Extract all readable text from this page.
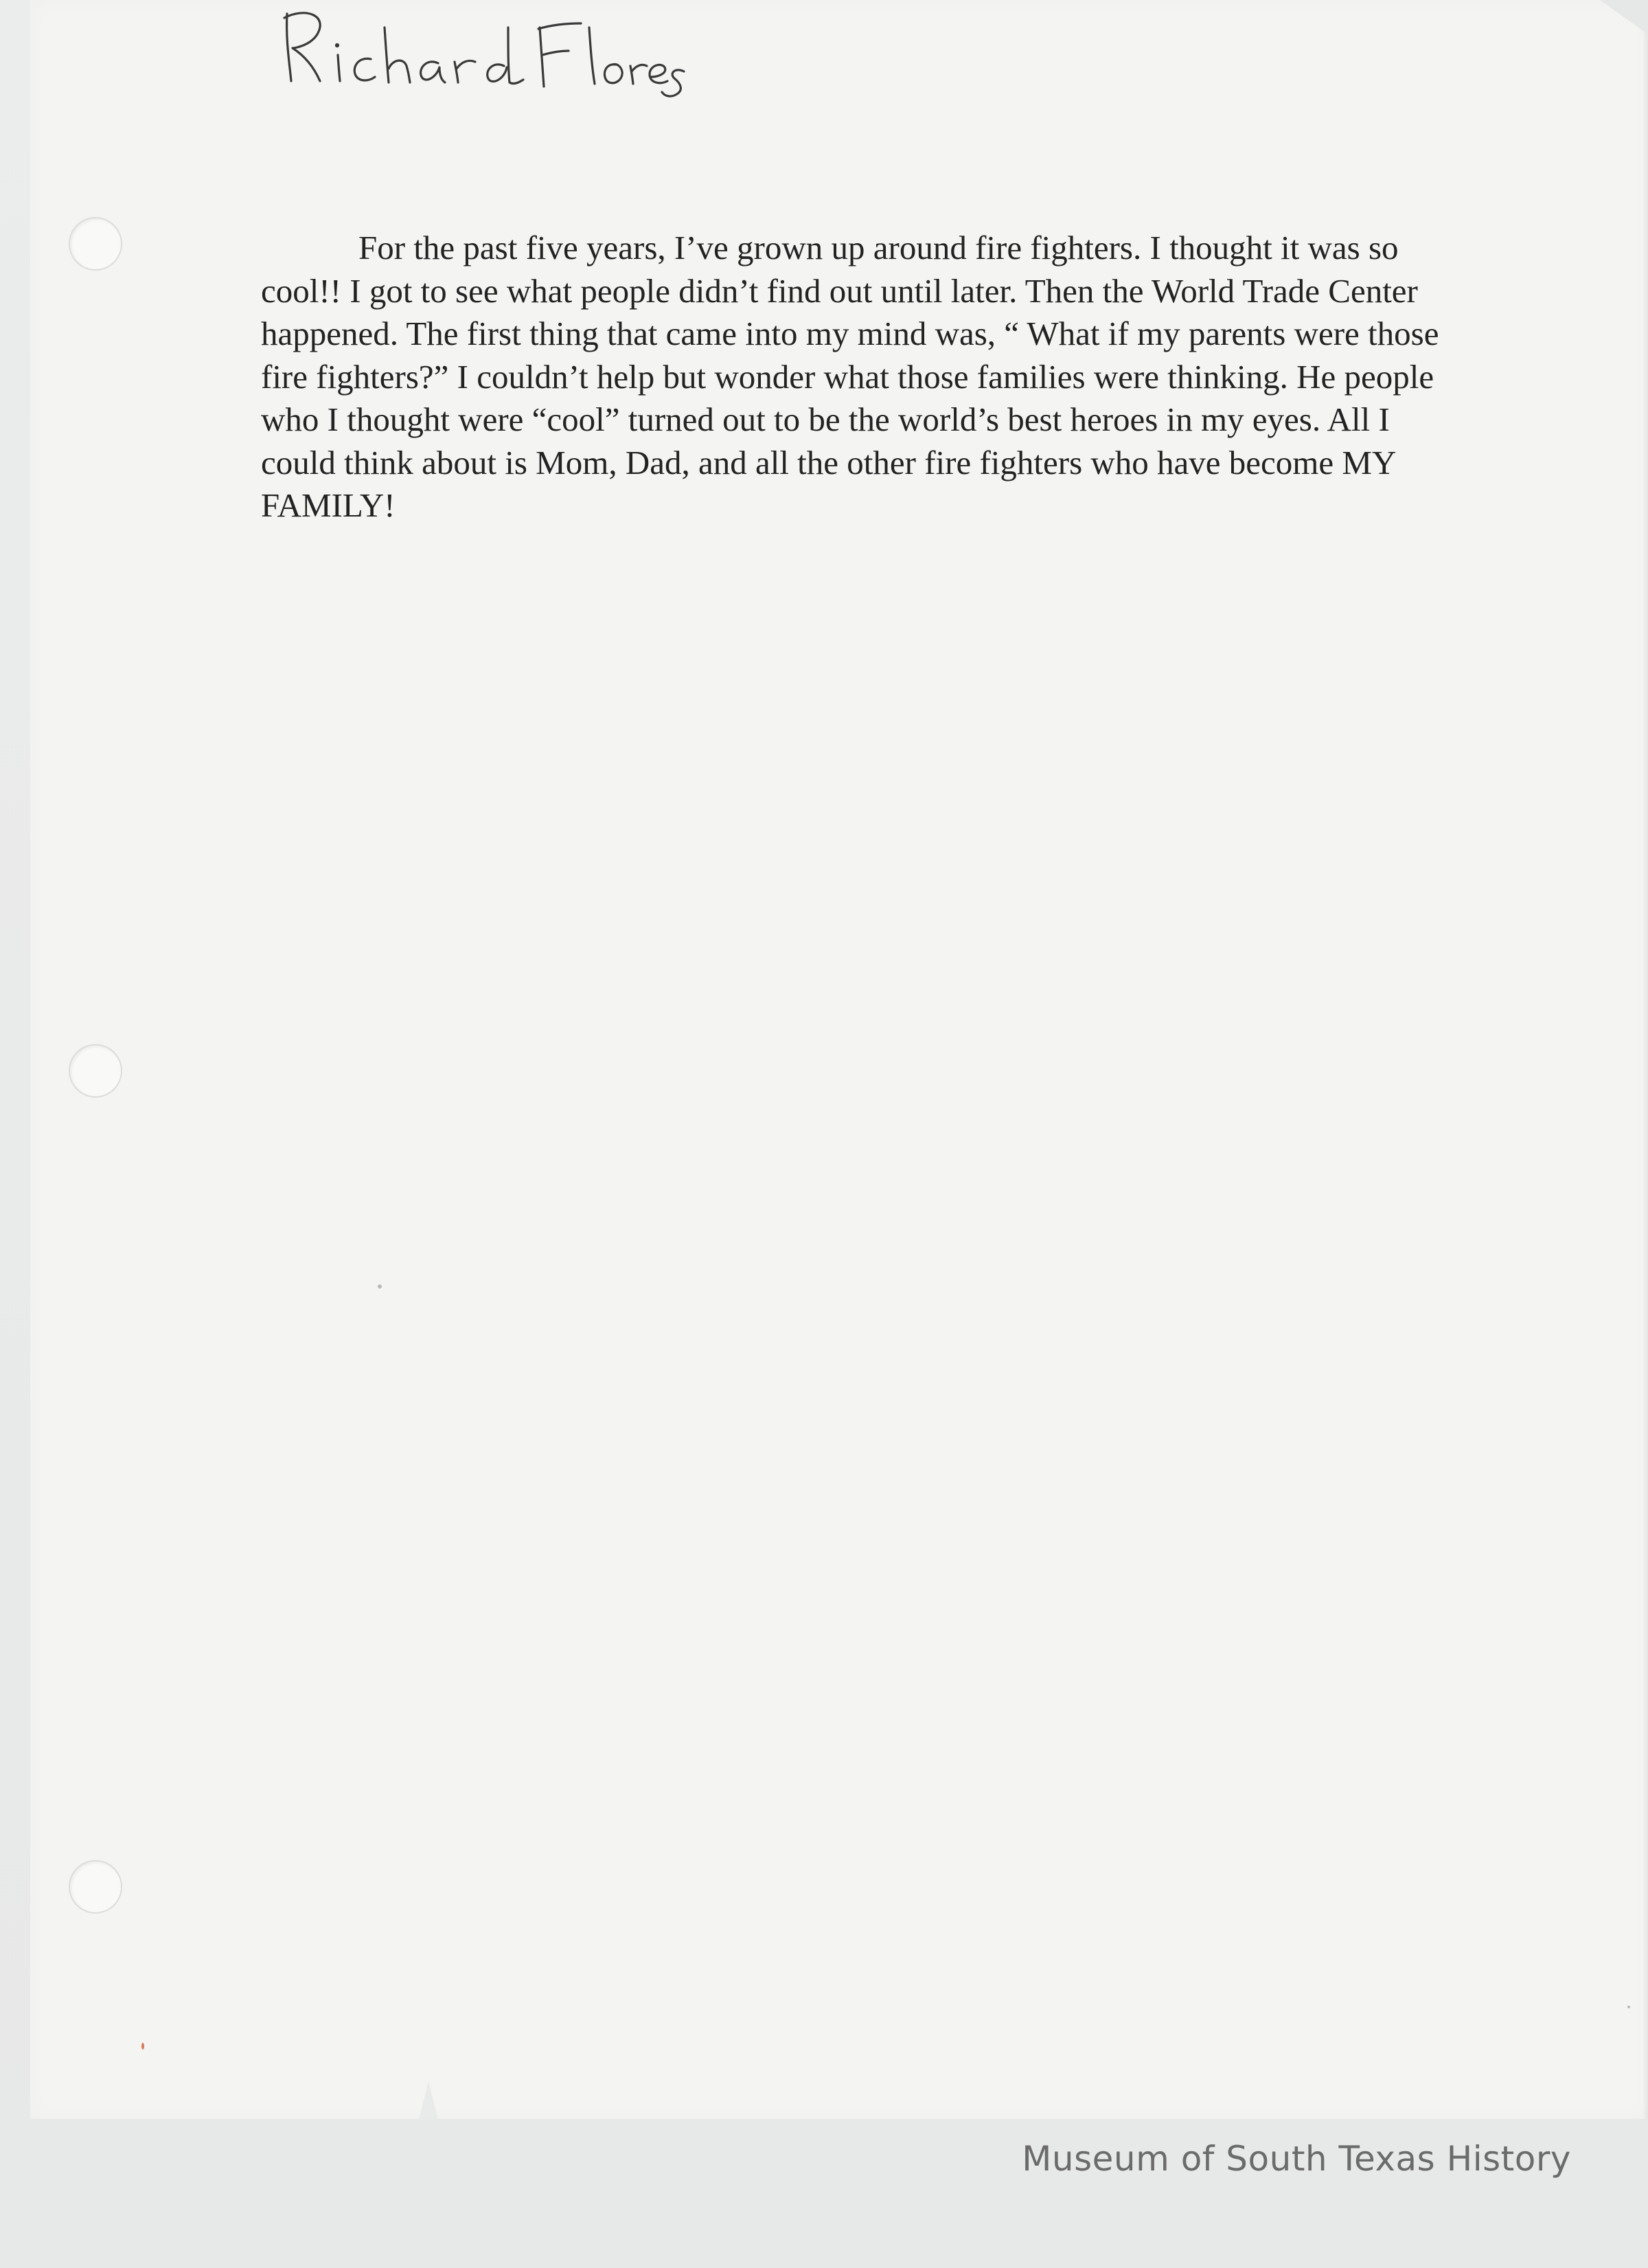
For the past five years, I’ve grown up around fire fighters. I thought it was so cool!! I got to see what people didn’t find out until later. Then the World Trade Center happened. The first thing that came into my mind was, “ What if my parents were those fire fighters?” I couldn’t help but wonder what those families were thinking. He people who I thought were “cool” turned out to be the world’s best heroes in my eyes. All I could think about is Mom, Dad, and all the other fire fighters who have become MY FAMILY!

Museum of South Texas History
